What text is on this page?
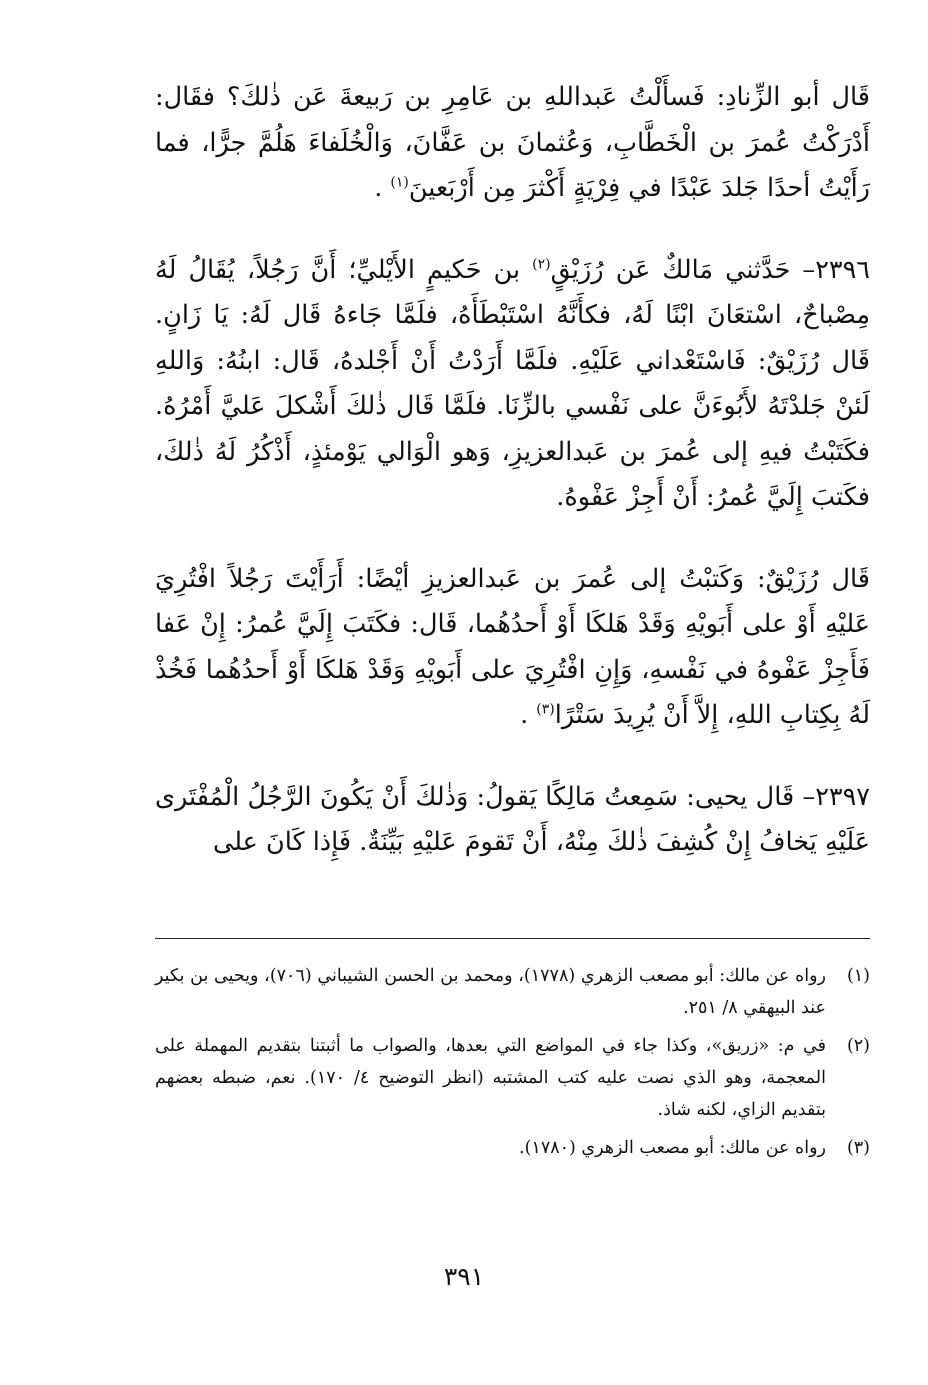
قَال أبو الزِّنادِ: فَسأَلْتُ عَبداللهِ بن عَامِرِ بن رَبيعةَ عَن ذٰلكَ؟ فقَال: أَدْرَكْتُ عُمرَ بن الْخَطَّابِ، وَعُثمانَ بن عَفَّانَ، وَالْخُلَفاءَ هَلُمَّ جرًّا، فما رَأَيْتُ أحدًا جَلدَ عَبْدًا في فِرْيَةٍ أَكْثرَ مِن أَرْبَعينَ$^{(١)}$ .

٢٣٩٦– حَدَّثني مَالكٌ عَن رُزَيْقٍ$^{(٢)}$ بن حَكيمٍ الأَيْليِّ؛ أَنَّ رَجُلاً، يُقَالُ لَهُ مِصْباحٌ، اسْتعَانَ ابْنًا لَهُ، فكأَنَّهُ اسْتَبْطَأَهُ، فلَمَّا جَاءهُ قَال لَهُ: يَا زَانٍ. قَال رُزَيْقٌ: فَاسْتَعْداني عَلَيْهِ. فلَمَّا أَرَدْتُ أَنْ أَجْلدهُ، قَال: ابنُهُ: وَاللهِ لَئنْ جَلدْتَهُ لأَبُوءَنَّ على نَفْسي بالزِّنَا. فلَمَّا قَال ذٰلكَ أَشْكلَ عَليَّ أَمْرُهُ. فكَتَبْتُ فيهِ إلى عُمرَ بن عَبدالعزيزِ، وَهو الْوَالي يَوْمئذٍ، أَذْكُرُ لَهُ ذٰلكَ، فكَتبَ إِلَيَّ عُمرُ: أَنْ أَجِزْ عَفْوهُ.

قَال رُزَيْقٌ: وَكَتبْتُ إلى عُمرَ بن عَبدالعزيزِ أيْضًا: أَرَأَيْتَ رَجُلاً افْتُرِيَ عَليْهِ أَوْ على أَبَويْهِ وَقَدْ هَلكَا أَوْ أَحدُهُما، قَال: فكَتَبَ إِلَيَّ عُمرُ: إِنْ عَفا فَأَجِزْ عَفْوهُ في نَفْسهِ، وَإِنِ افْتُرِيَ على أَبَويْهِ وَقَدْ هَلكَا أَوْ أَحدُهُما فَخُذْ لَهُ بِكِتابِ اللهِ، إِلاَّ أَنْ يُرِيدَ سَتْرًا$^{(٣)}$ .

٢٣٩٧– قَال يحيى: سَمِعتُ مَالِكًا يَقولُ: وَذٰلكَ أَنْ يَكُونَ الرَّجُلُ الْمُفْتَرى عَلَيْهِ يَخافُ إِنْ كُشِفَ ذٰلكَ مِنْهُ، أَنْ تَقومَ عَليْهِ بَيِّنَةٌ. فَإِذا كَانَ على

(١)
رواه عن مالك: أبو مصعب الزهري (١٧٧٨)، ومحمد بن الحسن الشيباني (٧٠٦)، ويحيى بن بكير عند البيهقي ٨/ ٢٥١.
(٢)
في م: «زريق»، وكذا جاء في المواضع التي بعدها، والصواب ما أثبتنا بتقديم المهملة على المعجمة، وهو الذي نصت عليه كتب المشتبه (انظر التوضيح ٤/ ١٧٠). نعم، ضبطه بعضهم بتقديم الزاي، لكنه شاذ.
(٣)
رواه عن مالك: أبو مصعب الزهري (١٧٨٠).
٣٩١
